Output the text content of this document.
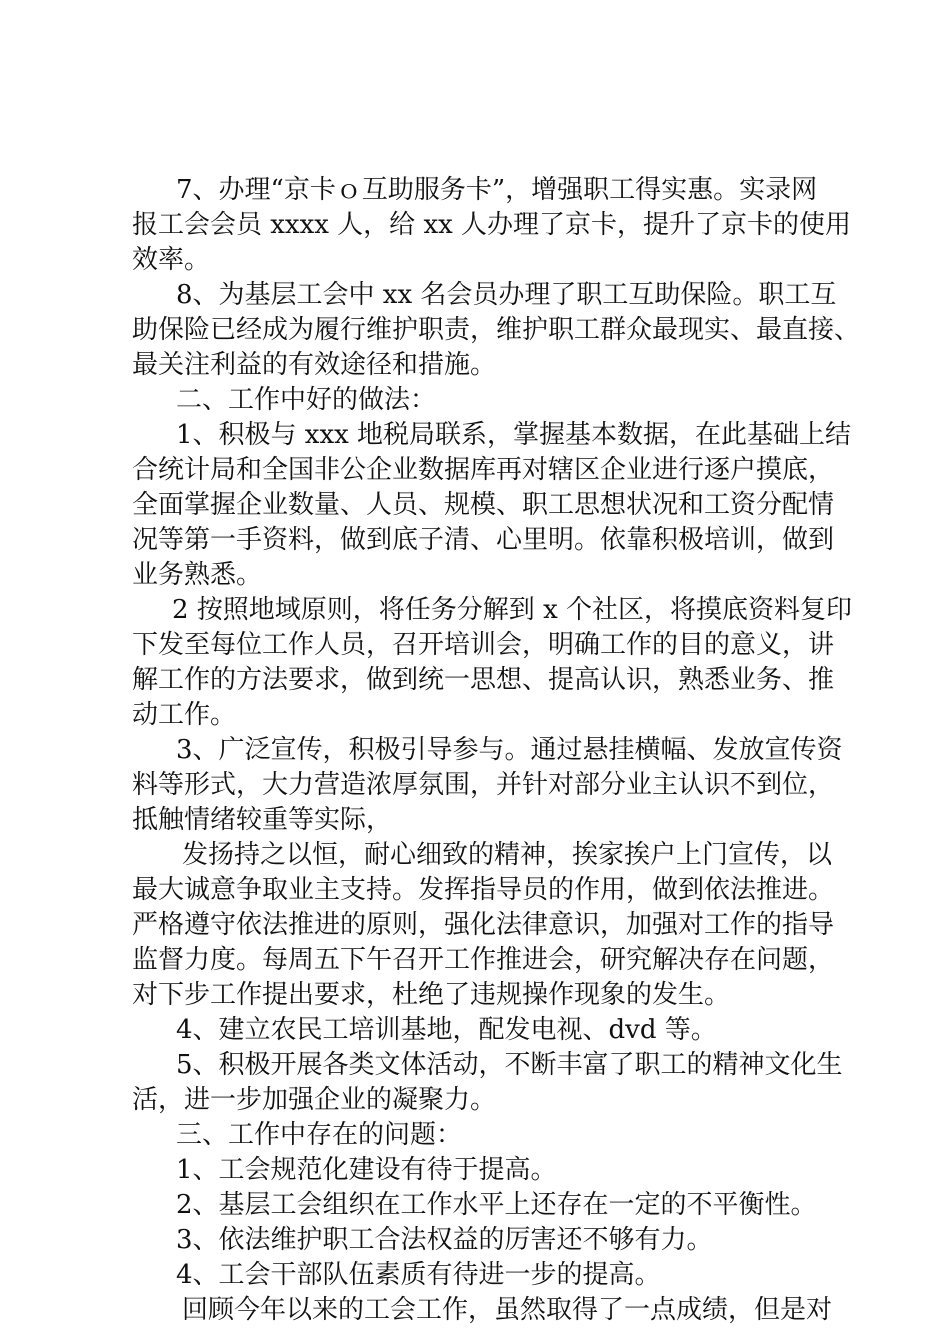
7、办理“京卡ｏ互助服务卡”，增强职工得实惠。实录网
报工会会员 xxxx 人，给 xx 人办理了京卡，提升了京卡的使用
效率。
8、为基层工会中 xx 名会员办理了职工互助保险。职工互
助保险已经成为履行维护职责，维护职工群众最现实、最直接、
最关注利益的有效途径和措施。
二、工作中好的做法：
1、积极与 xxx 地税局联系，掌握基本数据，在此基础上结
合统计局和全国非公企业数据库再对辖区企业进行逐户摸底，
全面掌握企业数量、人员、规模、职工思想状况和工资分配情
况等第一手资料，做到底子清、心里明。依靠积极培训，做到
业务熟悉。
2 按照地域原则，将任务分解到 x 个社区，将摸底资料复印
下发至每位工作人员，召开培训会，明确工作的目的意义，讲
解工作的方法要求，做到统一思想、提高认识，熟悉业务、推
动工作。
3、广泛宣传，积极引导参与。通过悬挂横幅、发放宣传资
料等形式，大力营造浓厚氛围，并针对部分业主认识不到位，
抵触情绪较重等实际，
发扬持之以恒，耐心细致的精神，挨家挨户上门宣传，以
最大诚意争取业主支持。发挥指导员的作用，做到依法推进。
严格遵守依法推进的原则，强化法律意识，加强对工作的指导
监督力度。每周五下午召开工作推进会，研究解决存在问题，
对下步工作提出要求，杜绝了违规操作现象的发生。
4、建立农民工培训基地，配发电视、dvd 等。
5、积极开展各类文体活动，不断丰富了职工的精神文化生
活，进一步加强企业的凝聚力。
三、工作中存在的问题：
1、工会规范化建设有待于提高。
2、基层工会组织在工作水平上还存在一定的不平衡性。
3、依法维护职工合法权益的厉害还不够有力。
4、工会干部队伍素质有待进一步的提高。
回顾今年以来的工会工作，虽然取得了一点成绩，但是对
